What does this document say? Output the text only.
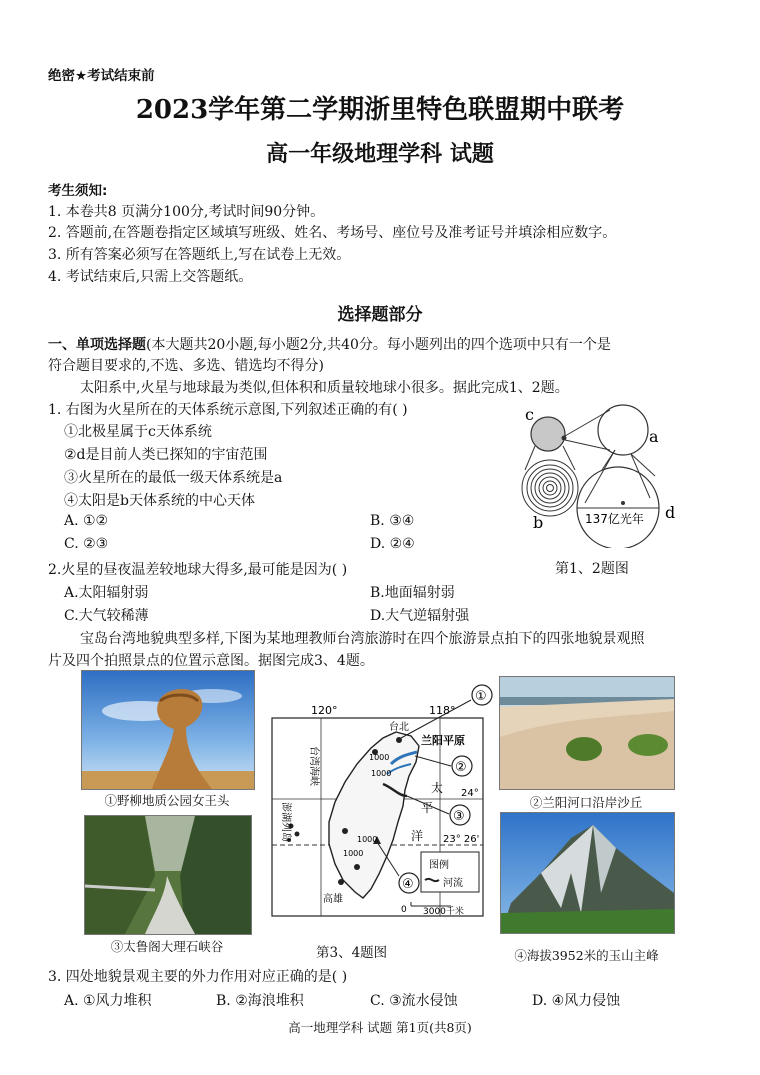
绝密★考试结束前
2023学年第二学期浙里特色联盟期中联考
高一年级地理学科 试题
考生须知:
1. 本卷共8 页满分100分,考试时间90分钟。
2. 答题前,在答题卷指定区域填写班级、姓名、考场号、座位号及准考证号并填涂相应数字。
3. 所有答案必须写在答题纸上,写在试卷上无效。
4. 考试结束后,只需上交答题纸。
选择题部分
一、单项选择题(本大题共20小题,每小题2分,共40分。每小题列出的四个选项中只有一个是
符合题目要求的,不选、多选、错选均不得分)
太阳系中,火星与地球最为类似,但体积和质量较地球小很多。据此完成1、2题。
1. 右图为火星所在的天体系统示意图,下列叙述正确的有( )
①北极星属于c天体系统
②d是目前人类已探知的宇宙范围
③火星所在的最低一级天体系统是a
④太阳是b天体系统的中心天体
A. ①②	B. ③④
C. ②③	D. ②④
c
a
b
d
137亿光年
第1、2题图
2.火星的昼夜温差较地球大得多,最可能是因为( )
A.太阳辐射弱	B.地面辐射弱
C.大气较稀薄	D.大气逆辐射强
宝岛台湾地貌典型多样,下图为某地理教师台湾旅游时在四个旅游景点拍下的四张地貌景观照
片及四个拍照景点的位置示意图。据图完成3、4题。
①野柳地质公园女王头
③太鲁阁大理石峡谷
②兰阳河口沿岸沙丘
④海拔3952米的玉山主峰
120°	118°
24°
23° 26'
台北
兰阳平原
高雄
台湾海峡
澎湖列岛
太
平
洋
1000
1000
1000
1000
①
②
③
④
图例
河流
0 3000千米
第3、4题图
3. 四处地貌景观主要的外力作用对应正确的是( )
A. ①风力堆积	B. ②海浪堆积	C. ③流水侵蚀	D. ④风力侵蚀
高一地理学科 试题 第1页(共8页)
